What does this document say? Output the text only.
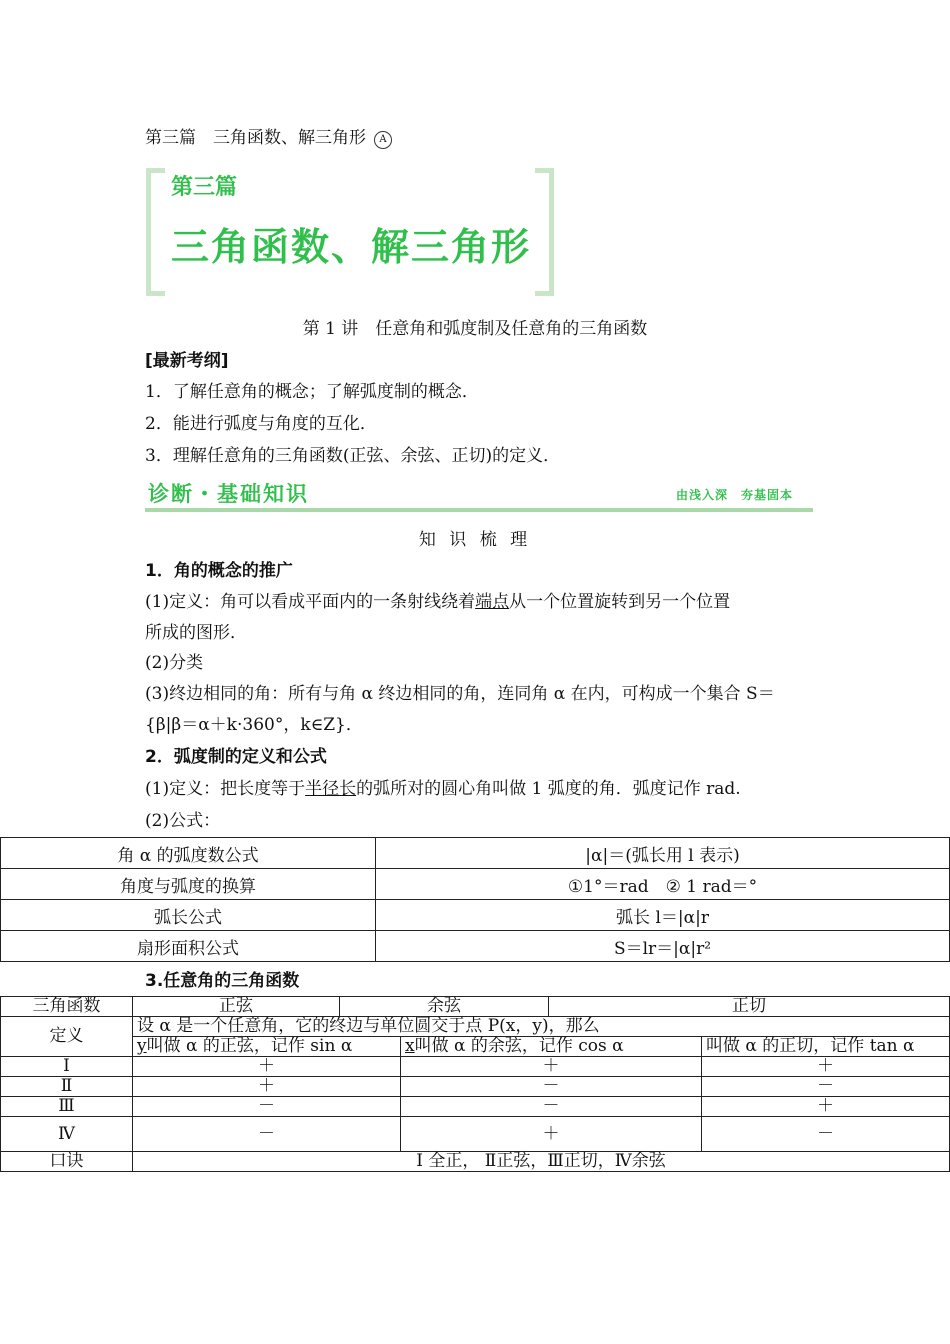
第三篇　三角函数、解三角形 A
第三篇
三角函数、解三角形
第 1 讲　任意角和弧度制及任意角的三角函数
[最新考纲]
1．了解任意角的概念；了解弧度制的概念．
2．能进行弧度与角度的互化．
3．理解任意角的三角函数(正弦、余弦、正切)的定义．
诊断・基础知识	由浅入深　夯基固本
知 识 梳 理
1．角的概念的推广
(1)定义：角可以看成平面内的一条射线绕着端点从一个位置旋转到另一个位置
所成的图形．
(2)分类
(3)终边相同的角：所有与角 α 终边相同的角，连同角 α 在内，可构成一个集合 S＝
{β|β＝α＋k·360°，k∈Z}．
2．弧度制的定义和公式
(1)定义：把长度等于半径长的弧所对的圆心角叫做 1 弧度的角．弧度记作 rad.
(2)公式：
角 α 的弧度数公式	|α|＝(弧长用 l 表示)
角度与弧度的换算	①1°＝rad　② 1 rad＝°
弧长公式	弧长 l＝|α|r
扇形面积公式	S＝lr＝|α|r²
3.任意角的三角函数
三角函数	正弦	余弦		正切	
定义	设 α 是一个任意角，它的终边与单位圆交于点 P(x，y)，那么				
	y叫做 α 的正弦，记作 sin α		x叫做 α 的余弦，记作 cos α		叫做 α 的正切，记作 tan α
Ⅰ	＋		＋		＋
Ⅱ	＋		－		－
Ⅲ	－		－		＋
Ⅳ	－		＋		－
口诀	Ⅰ 全正， Ⅱ正弦，Ⅲ正切，Ⅳ余弦				
